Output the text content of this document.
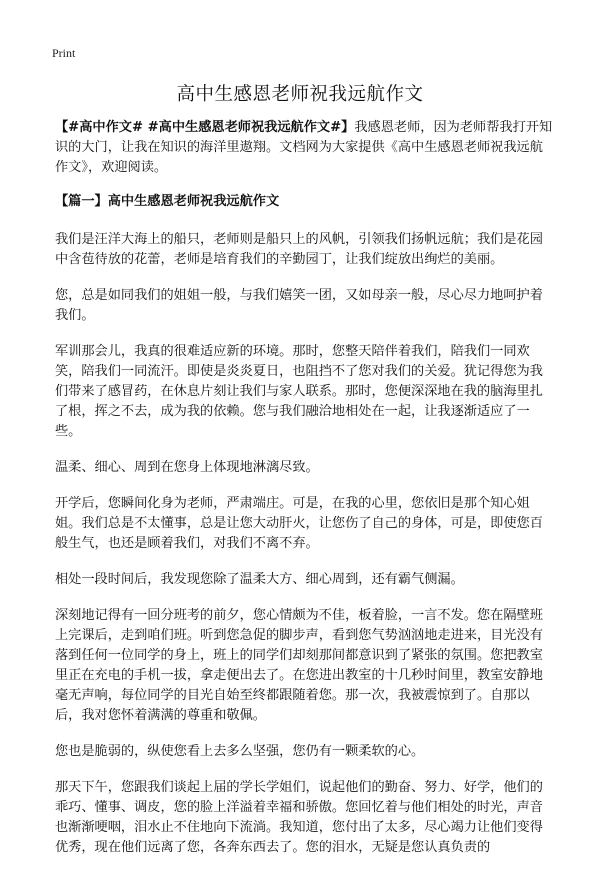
Print
高中生感恩老师祝我远航作文

【#高中作文# #高中生感恩老师祝我远航作文#】我感恩老师，因为老师帮我打开知识的大门，让我在知识的海洋里遨翔。文档网为大家提供《高中生感恩老师祝我远航作文》，欢迎阅读。

【篇一】高中生感恩老师祝我远航作文

我们是汪洋大海上的船只，老师则是船只上的风帆，引领我们扬帆远航；我们是花园中含苞待放的花蕾，老师是培育我们的辛勤园丁，让我们绽放出绚烂的美丽。

您，总是如同我们的姐姐一般，与我们嬉笑一团，又如母亲一般，尽心尽力地呵护着我们。

军训那会儿，我真的很难适应新的环境。那时，您整天陪伴着我们，陪我们一同欢笑，陪我们一同流汗。即使是炎炎夏日，也阻挡不了您对我们的关爱。犹记得您为我们带来了感冒药，在休息片刻让我们与家人联系。那时，您便深深地在我的脑海里扎了根，挥之不去，成为我的依赖。您与我们融洽地相处在一起，让我逐渐适应了一些。

温柔、细心、周到在您身上体现地淋漓尽致。

开学后，您瞬间化身为老师，严肃端庄。可是，在我的心里，您依旧是那个知心姐姐。我们总是不太懂事，总是让您大动肝火，让您伤了自己的身体，可是，即使您百般生气，也还是顾着我们，对我们不离不弃。

相处一段时间后，我发现您除了温柔大方、细心周到，还有霸气侧漏。

深刻地记得有一回分班考的前夕，您心情颇为不佳，板着脸，一言不发。您在隔壁班上完课后，走到咱们班。听到您急促的脚步声，看到您气势汹汹地走进来，目光没有落到任何一位同学的身上，班上的同学们却刻那间都意识到了紧张的氛围。您把教室里正在充电的手机一拔，拿走便出去了。在您进出教室的十几秒时间里，教室安静地毫无声响，每位同学的目光自始至终都跟随着您。那一次，我被震惊到了。自那以后，我对您怀着满满的尊重和敬佩。

您也是脆弱的，纵使您看上去多么坚强，您仍有一颗柔软的心。

那天下午，您跟我们谈起上届的学长学姐们，说起他们的勤奋、努力、好学，他们的乖巧、懂事、调皮，您的脸上洋溢着幸福和骄傲。您回忆着与他们相处的时光，声音也渐渐哽咽，泪水止不住地向下流淌。我知道，您付出了太多，尽心竭力让他们变得优秀，现在他们远离了您，各奔东西去了。您的泪水，无疑是您认真负责的
